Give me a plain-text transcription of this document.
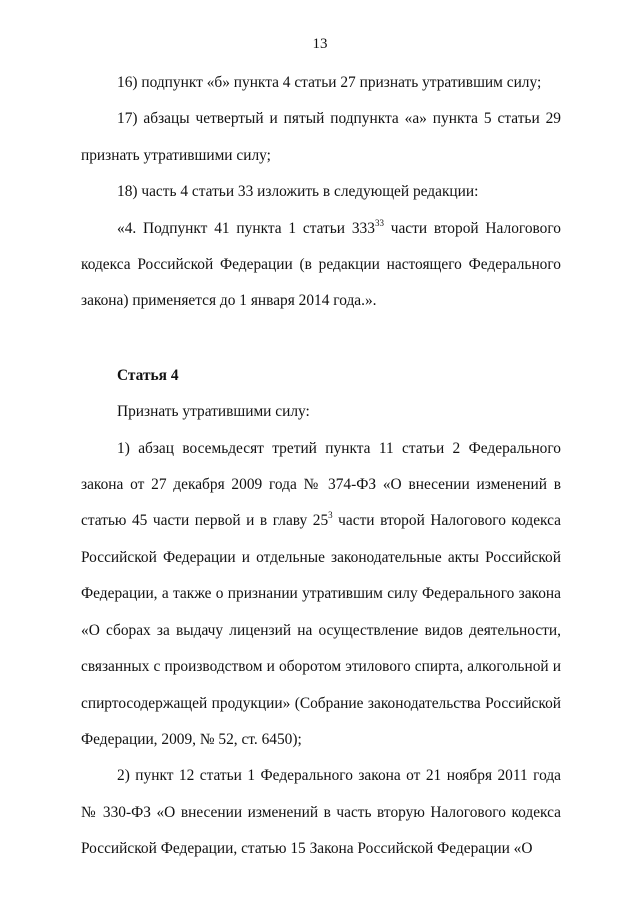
13

16) подпункт «б» пункта 4 статьи 27 признать утратившим силу;

17) абзацы четвертый и пятый подпункта «а» пункта 5 статьи 29 признать утратившими силу;

18) часть 4 статьи 33 изложить в следующей редакции:

«4. Подпункт 41 пункта 1 статьи $333^{33}$ части второй Налогового кодекса Российской Федерации (в редакции настоящего Федерального закона) применяется до 1 января 2014 года.».

Статья 4

Признать утратившими силу:

1) абзац восемьдесят третий пункта 11 статьи 2 Федерального закона от 27 декабря 2009 года № 374-ФЗ «О внесении изменений в статью 45 части первой и в главу $25^3$ части второй Налогового кодекса Российской Федерации и отдельные законодательные акты Российской Федерации, а также о признании утратившим силу Федерального закона «О сборах за выдачу лицензий на осуществление видов деятельности, связанных с производством и оборотом этилового спирта, алкогольной и спиртосодержащей продукции» (Собрание законодательства Российской Федерации, 2009, № 52, ст. 6450);

2) пункт 12 статьи 1 Федерального закона от 21 ноября 2011 года № 330-ФЗ «О внесении изменений в часть вторую Налогового кодекса Российской Федерации, статью 15 Закона Российской Федерации «О
